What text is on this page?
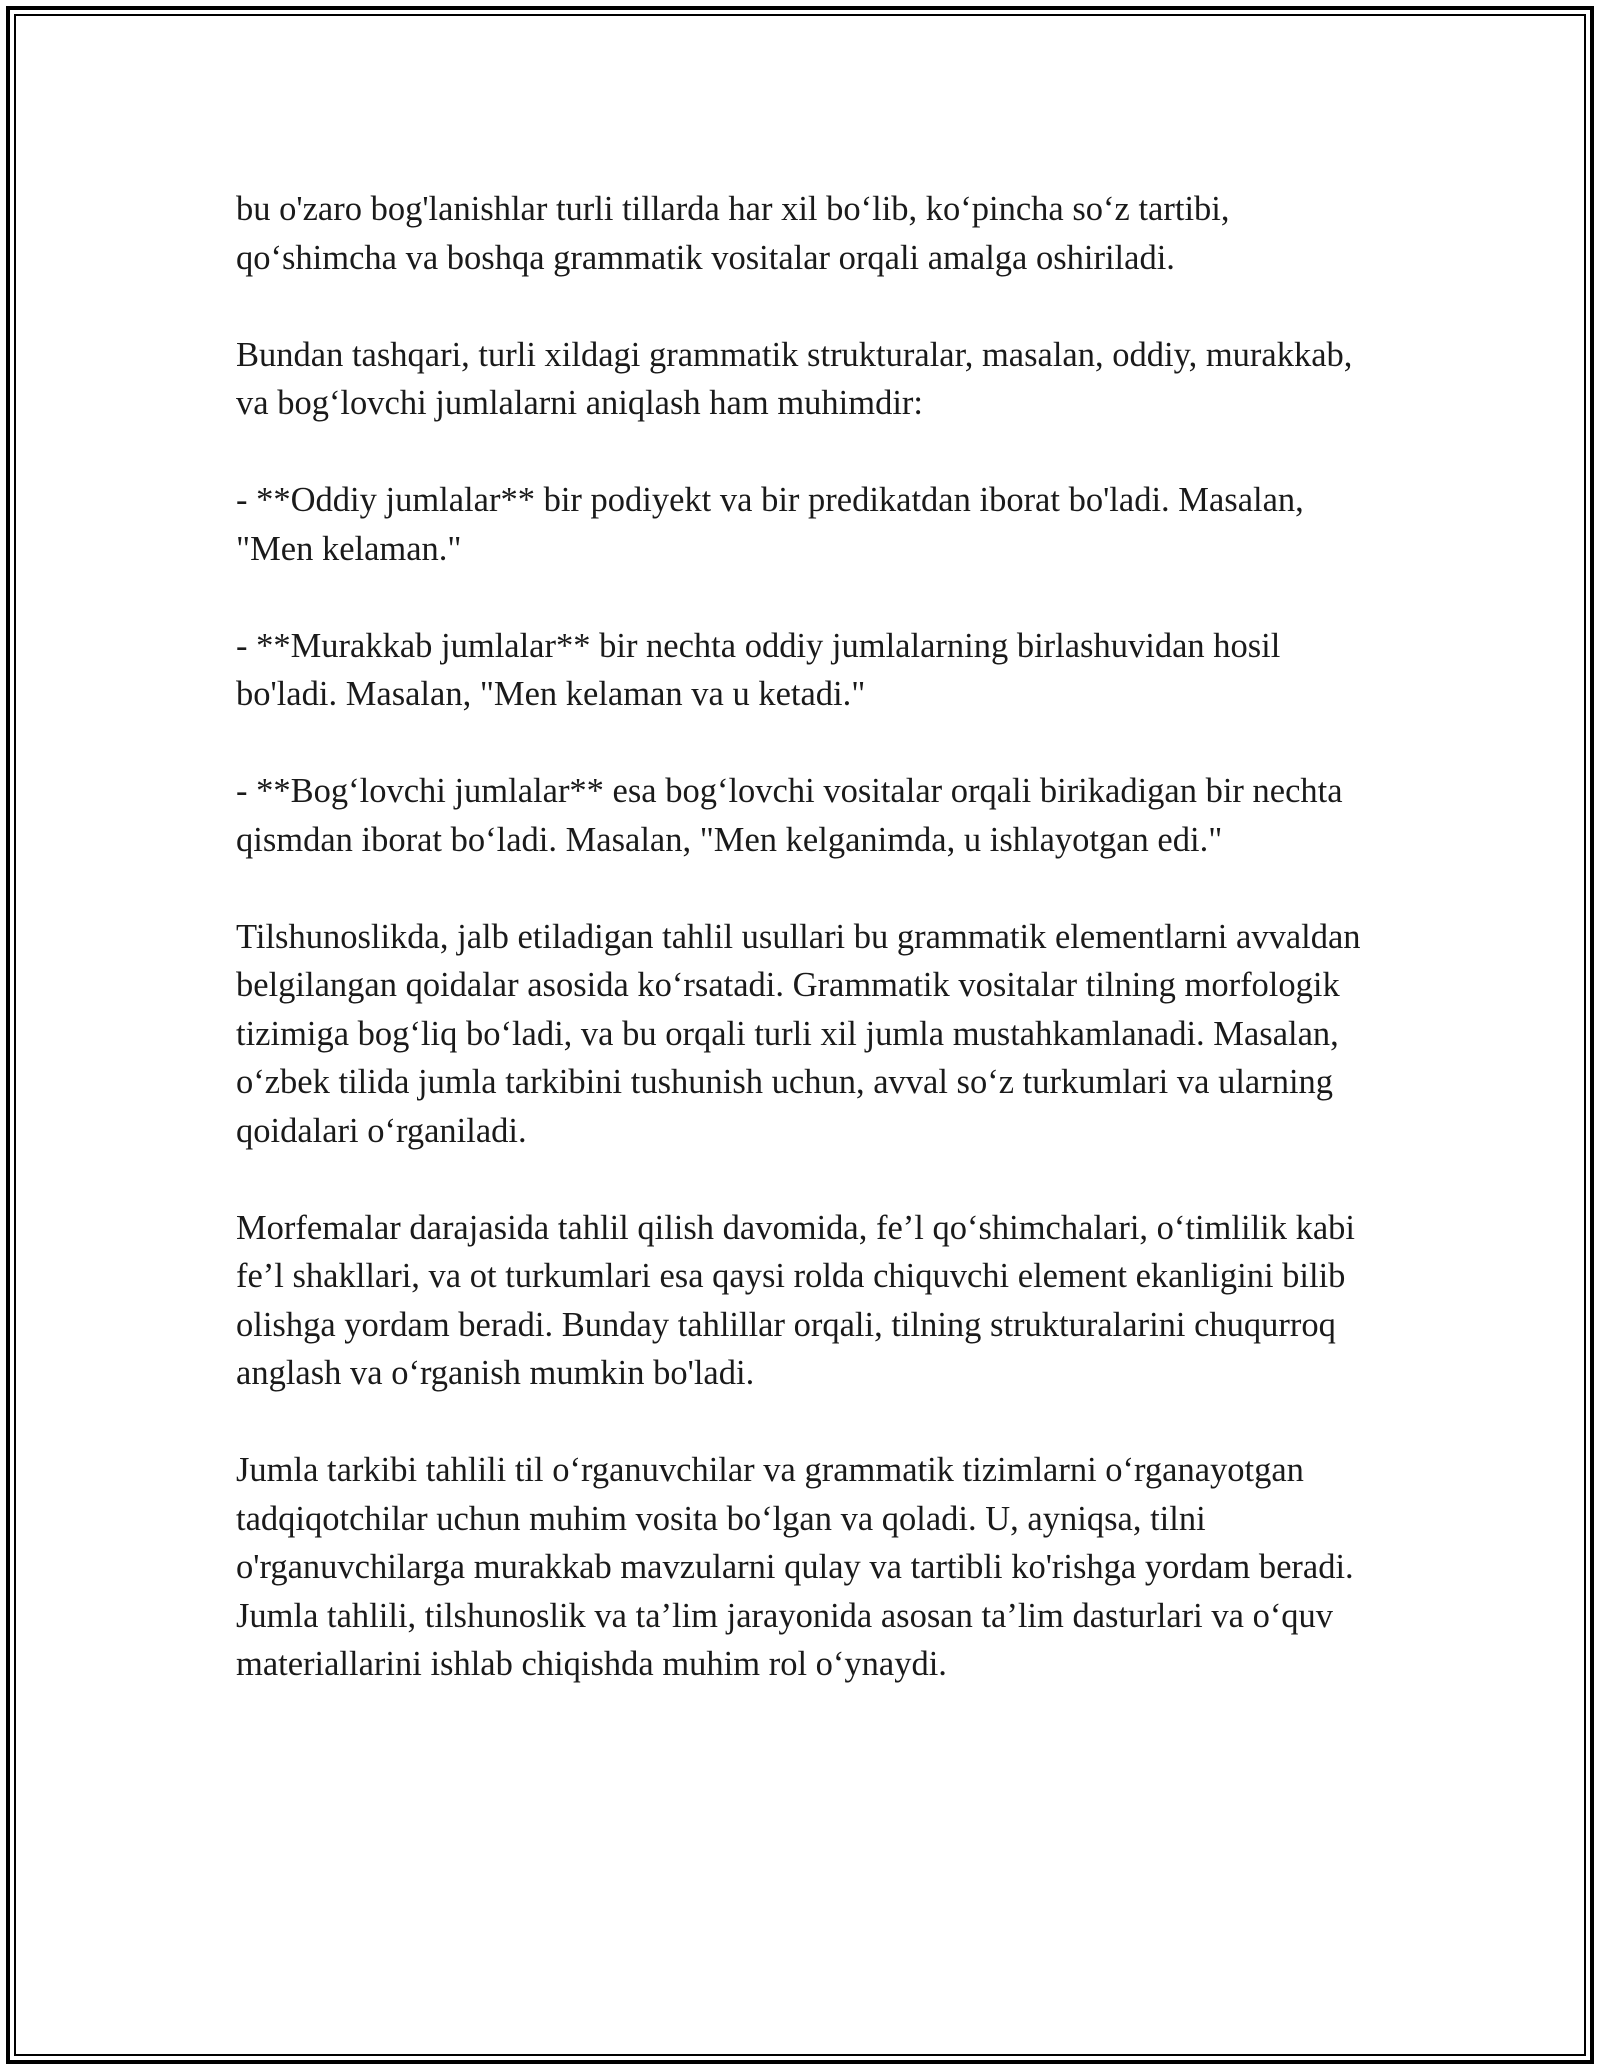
bu o'zaro bog'lanishlar turli tillarda har xil bo‘lib, ko‘pincha so‘z tartibi, qo‘shimcha va boshqa grammatik vositalar orqali amalga oshiriladi.

Bundan tashqari, turli xildagi grammatik strukturalar, masalan, oddiy, murakkab, va bog‘lovchi jumlalarni aniqlash ham muhimdir:

- **Oddiy jumlalar** bir podiyekt va bir predikatdan iborat bo'ladi. Masalan, "Men kelaman."

- **Murakkab jumlalar** bir nechta oddiy jumlalarning birlashuvidan hosil bo'ladi. Masalan, "Men kelaman va u ketadi."

- **Bog‘lovchi jumlalar** esa bog‘lovchi vositalar orqali birikadigan bir nechta qismdan iborat bo‘ladi. Masalan, "Men kelganimda, u ishlayotgan edi."

Tilshunoslikda, jalb etiladigan tahlil usullari bu grammatik elementlarni avvaldan belgilangan qoidalar asosida ko‘rsatadi. Grammatik vositalar tilning morfologik tizimiga bog‘liq bo‘ladi, va bu orqali turli xil jumla mustahkamlanadi. Masalan, o‘zbek tilida jumla tarkibini tushunish uchun, avval so‘z turkumlari va ularning qoidalari o‘rganiladi.

Morfemalar darajasida tahlil qilish davomida, fe’l qo‘shimchalari, o‘timlilik kabi fe’l shakllari, va ot turkumlari esa qaysi rolda chiquvchi element ekanligini bilib olishga yordam beradi. Bunday tahlillar orqali, tilning strukturalarini chuqurroq anglash va o‘rganish mumkin bo'ladi.

Jumla tarkibi tahlili til o‘rganuvchilar va grammatik tizimlarni o‘rganayotgan tadqiqotchilar uchun muhim vosita bo‘lgan va qoladi. U, ayniqsa, tilni o'rganuvchilarga murakkab mavzularni qulay va tartibli ko'rishga yordam beradi. Jumla tahlili, tilshunoslik va ta’lim jarayonida asosan ta’lim dasturlari va o‘quv materiallarini ishlab chiqishda muhim rol o‘ynaydi.
